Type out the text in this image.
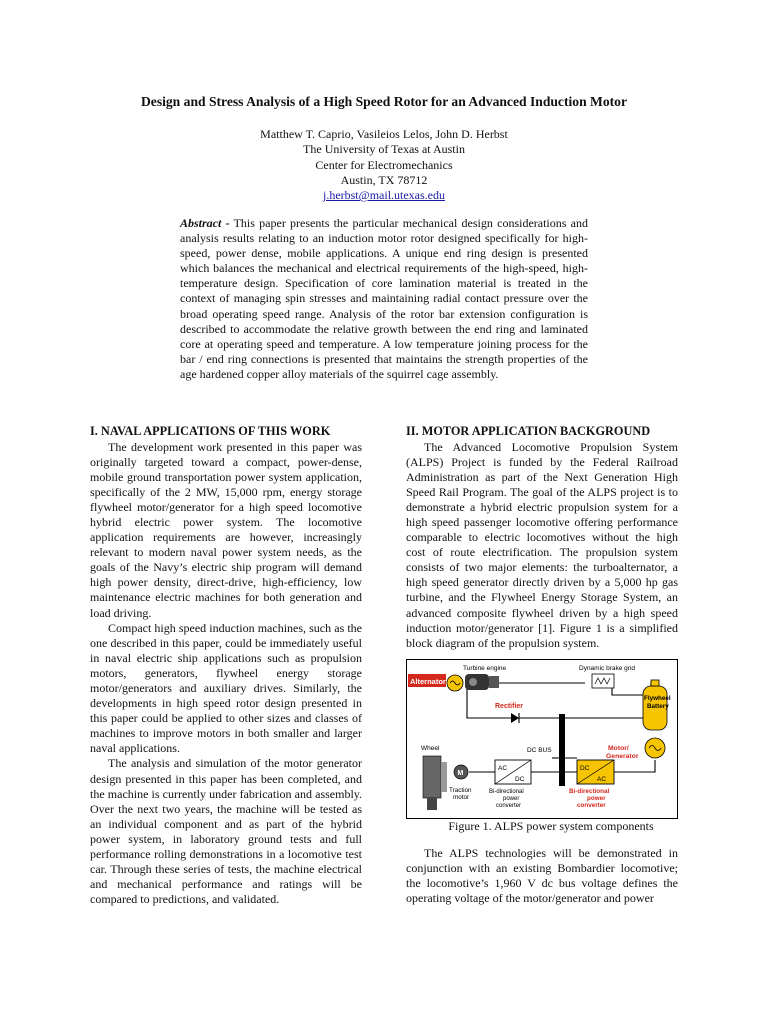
Design and Stress Analysis of a High Speed Rotor for an Advanced Induction Motor
Matthew T. Caprio, Vasileios Lelos, John D. Herbst
The University of Texas at Austin
Center for Electromechanics
Austin, TX 78712
j.herbst@mail.utexas.edu
Abstract - This paper presents the particular mechanical design considerations and analysis results relating to an induction motor rotor designed specifically for high-speed, power dense, mobile applications. A unique end ring design is presented which balances the mechanical and electrical requirements of the high-speed, high-temperature design. Specification of core lamination material is treated in the context of managing spin stresses and maintaining radial contact pressure over the broad operating speed range. Analysis of the rotor bar extension configuration is described to accommodate the relative growth between the end ring and laminated core at operating speed and temperature. A low temperature joining process for the bar / end ring connections is presented that maintains the strength properties of the age hardened copper alloy materials of the squirrel cage assembly.
I. NAVAL APPLICATIONS OF THIS WORK

The development work presented in this paper was originally targeted toward a compact, power-dense, mobile ground transportation power system application, specifically of the 2 MW, 15,000 rpm, energy storage flywheel motor/generator for a high speed locomotive hybrid electric power system. The locomotive application requirements are however, increasingly relevant to modern naval power system needs, as the goals of the Navy’s electric ship program will demand high power density, direct-drive, high-efficiency, low maintenance electric machines for both generation and load driving.

Compact high speed induction machines, such as the one described in this paper, could be immediately useful in naval electric ship applications such as propulsion motors, generators, flywheel energy storage motor/generators and auxiliary drives. Similarly, the developments in high speed rotor design presented in this paper could be applied to other sizes and classes of machines to improve motors in both smaller and larger naval applications.

The analysis and simulation of the motor generator design presented in this paper has been completed, and the machine is currently under fabrication and assembly. Over the next two years, the machine will be tested as an individual component and as part of the hybrid power system, in laboratory ground tests and full performance rolling demonstrations in a locomotive test car. Through these series of tests, the machine electrical and mechanical performance and ratings will be compared to predictions, and validated.

II. MOTOR APPLICATION BACKGROUND

The Advanced Locomotive Propulsion System (ALPS) Project is funded by the Federal Railroad Administration as part of the Next Generation High Speed Rail Program. The goal of the ALPS project is to demonstrate a hybrid electric propulsion system for a high speed passenger locomotive offering performance comparable to electric locomotives without the high cost of route electrification. The propulsion system consists of two major elements: the turboalternator, a high speed generator directly driven by a 5,000 hp gas turbine, and the Flywheel Energy Storage System, an advanced composite flywheel driven by a high speed induction motor/generator [1]. Figure 1 is a simplified block diagram of the propulsion system.

Alternator
Turbine engine	Dynamic brake grid
Rectifier
DC BUS
Flywheel
Battery
Motor/
Generator
Wheel
M
Traction
motor
AC
DC
Bi-directional
power
converter
DC
AC
Bi-directional
power
converter

Figure 1. ALPS power system components

The ALPS technologies will be demonstrated in conjunction with an existing Bombardier locomotive; the locomotive’s 1,960 V dc bus voltage defines the operating voltage of the motor/generator and power
